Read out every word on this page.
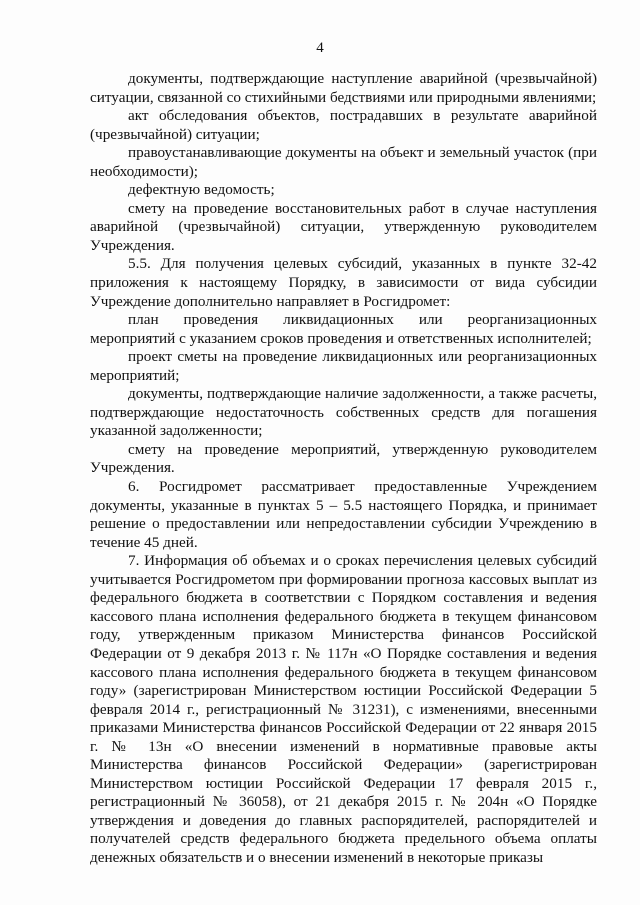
4

документы, подтверждающие наступление аварийной (чрезвычайной) ситуации, связанной со стихийными бедствиями или природными явлениями;

акт обследования объектов, пострадавших в результате аварийной (чрезвычайной) ситуации;

правоустанавливающие документы на объект и земельный участок (при необходимости);

дефектную ведомость;

смету на проведение восстановительных работ в случае наступления аварийной (чрезвычайной) ситуации, утвержденную руководителем Учреждения.

5.5. Для получения целевых субсидий, указанных в пункте 32-42 приложения к настоящему Порядку, в зависимости от вида субсидии Учреждение дополнительно направляет в Росгидромет:

план проведения ликвидационных или реорганизационных мероприятий с указанием сроков проведения и ответственных исполнителей;

проект сметы на проведение ликвидационных или реорганизационных мероприятий;

документы, подтверждающие наличие задолженности, а также расчеты, подтверждающие недостаточность собственных средств для погашения указанной задолженности;

смету на проведение мероприятий, утвержденную руководителем Учреждения.

6. Росгидромет рассматривает предоставленные Учреждением документы, указанные в пунктах 5 – 5.5 настоящего Порядка, и принимает решение о предоставлении или непредоставлении субсидии Учреждению в течение 45 дней.

7. Информация об объемах и о сроках перечисления целевых субсидий учитывается Росгидрометом при формировании прогноза кассовых выплат из федерального бюджета в соответствии с Порядком составления и ведения кассового плана исполнения федерального бюджета в текущем финансовом году, утвержденным приказом Министерства финансов Российской Федерации от 9 декабря 2013 г. № 117н «О Порядке составления и ведения кассового плана исполнения федерального бюджета в текущем финансовом году» (зарегистрирован Министерством юстиции Российской Федерации 5 февраля 2014 г., регистрационный № 31231), с изменениями, внесенными приказами Министерства финансов Российской Федерации от 22 января 2015 г. № 13н «О внесении изменений в нормативные правовые акты Министерства финансов Российской Федерации» (зарегистрирован Министерством юстиции Российской Федерации 17 февраля 2015 г., регистрационный № 36058), от 21 декабря 2015 г. № 204н «О Порядке утверждения и доведения до главных распорядителей, распорядителей и получателей средств федерального бюджета предельного объема оплаты денежных обязательств и о внесении изменений в некоторые приказы
